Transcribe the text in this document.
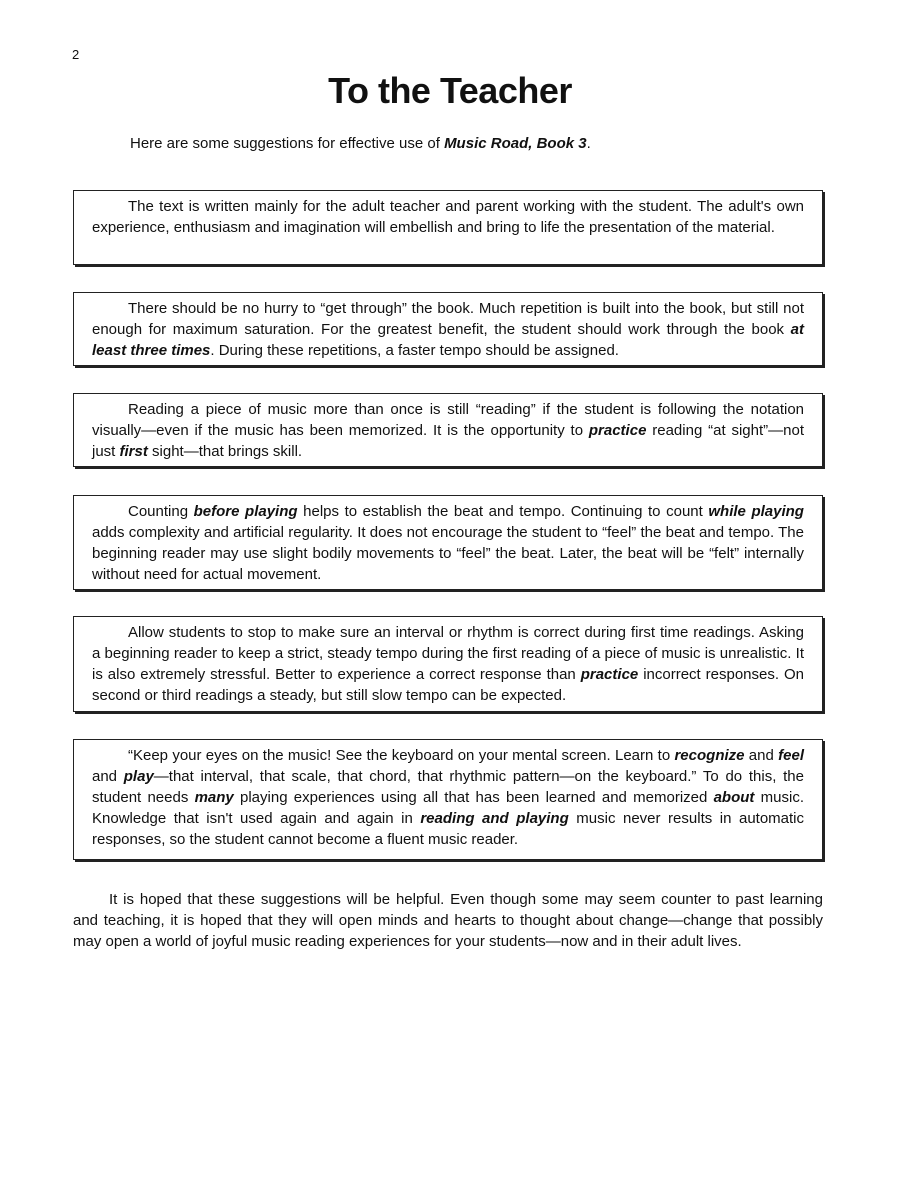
2
To the Teacher

Here are some suggestions for effective use of Music Road, Book 3.

The text is written mainly for the adult teacher and parent working with the student. The adult's own experience, enthusiasm and imagination will embellish and bring to life the presentation of the material.

There should be no hurry to “get through” the book. Much repetition is built into the book, but still not enough for maximum saturation. For the greatest benefit, the student should work through the book at least three times. During these repetitions, a faster tempo should be assigned.

Reading a piece of music more than once is still “reading” if the student is following the notation visually—even if the music has been memorized. It is the opportunity to practice reading “at sight”—not just first sight—that brings skill.

Counting before playing helps to establish the beat and tempo. Continuing to count while playing adds complexity and artificial regularity. It does not encourage the student to “feel” the beat and tempo. The beginning reader may use slight bodily movements to “feel” the beat. Later, the beat will be “felt” internally without need for actual movement.

Allow students to stop to make sure an interval or rhythm is correct during first time readings. Asking a beginning reader to keep a strict, steady tempo during the first reading of a piece of music is unrealistic. It is also extremely stressful. Better to experience a correct response than practice incorrect responses. On second or third readings a steady, but still slow tempo can be expected.

“Keep your eyes on the music! See the keyboard on your mental screen. Learn to recognize and feel and play—that interval, that scale, that chord, that rhythmic pattern—on the keyboard.” To do this, the student needs many playing experiences using all that has been learned and memorized about music. Knowledge that isn't used again and again in reading and playing music never results in automatic responses, so the student cannot become a fluent music reader.

It is hoped that these suggestions will be helpful. Even though some may seem counter to past learning and teaching, it is hoped that they will open minds and hearts to thought about change—change that possibly may open a world of joyful music reading experiences for your students—now and in their adult lives.
